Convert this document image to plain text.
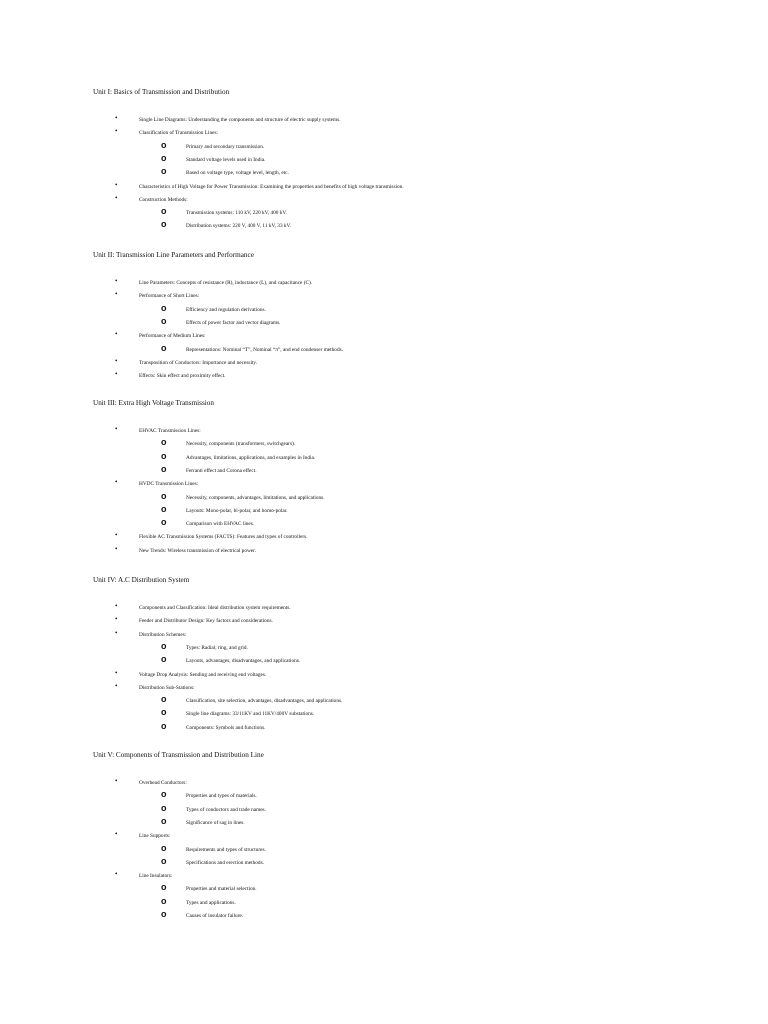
Unit I: Basics of Transmission and Distribution
•	Single Line Diagrams: Understanding the components and structure of electric supply systems.
•	Classification of Transmission Lines:
o	Primary and secondary transmission.
o	Standard voltage levels used in India.
o	Based on voltage type, voltage level, length, etc.
•	Characteristics of High Voltage for Power Transmission: Examining the properties and benefits of high voltage transmission.
•	Construction Methods:
o	Transmission systems: 110 kV, 220 kV, 400 kV.
o	Distribution systems: 220 V, 400 V, 11 kV, 33 kV.
Unit II: Transmission Line Parameters and Performance
•	Line Parameters: Concepts of resistance (R), inductance (L), and capacitance (C).
•	Performance of Short Lines:
o	Efficiency and regulation derivations.
o	Effects of power factor and vector diagrams.
•	Performance of Medium Lines:
o	Representations: Nominal “T”, Nominal “π”, and end condenser methods.
•	Transposition of Conductors: Importance and necessity.
•	Effects: Skin effect and proximity effect.
Unit III: Extra High Voltage Transmission
•	EHVAC Transmission Lines:
o	Necessity, components (transformers, switchgears).
o	Advantages, limitations, applications, and examples in India.
o	Ferranti effect and Corona effect.
•	HVDC Transmission Lines:
o	Necessity, components, advantages, limitations, and applications.
o	Layouts: Mono-polar, bi-polar, and homo-polar.
o	Comparison with EHVAC lines.
•	Flexible AC Transmission Systems (FACTS): Features and types of controllers.
•	New Trends: Wireless transmission of electrical power.
Unit IV: A.C Distribution System
•	Components and Classification: Ideal distribution system requirements.
•	Feeder and Distributor Design: Key factors and considerations.
•	Distribution Schemes:
o	Types: Radial, ring, and grid.
o	Layouts, advantages, disadvantages, and applications.
•	Voltage Drop Analysis: Sending and receiving end voltages.
•	Distribution Sub-Stations:
o	Classification, site selection, advantages, disadvantages, and applications.
o	Single line diagrams: 33/11KV and 11KV/400V substations.
o	Components: Symbols and functions.
Unit V: Components of Transmission and Distribution Line
•	Overhead Conductors:
o	Properties and types of materials.
o	Types of conductors and trade names.
o	Significance of sag in lines.
•	Line Supports:
o	Requirements and types of structures.
o	Specifications and erection methods.
•	Line Insulators:
o	Properties and material selection.
o	Types and applications.
o	Causes of insulator failure.
